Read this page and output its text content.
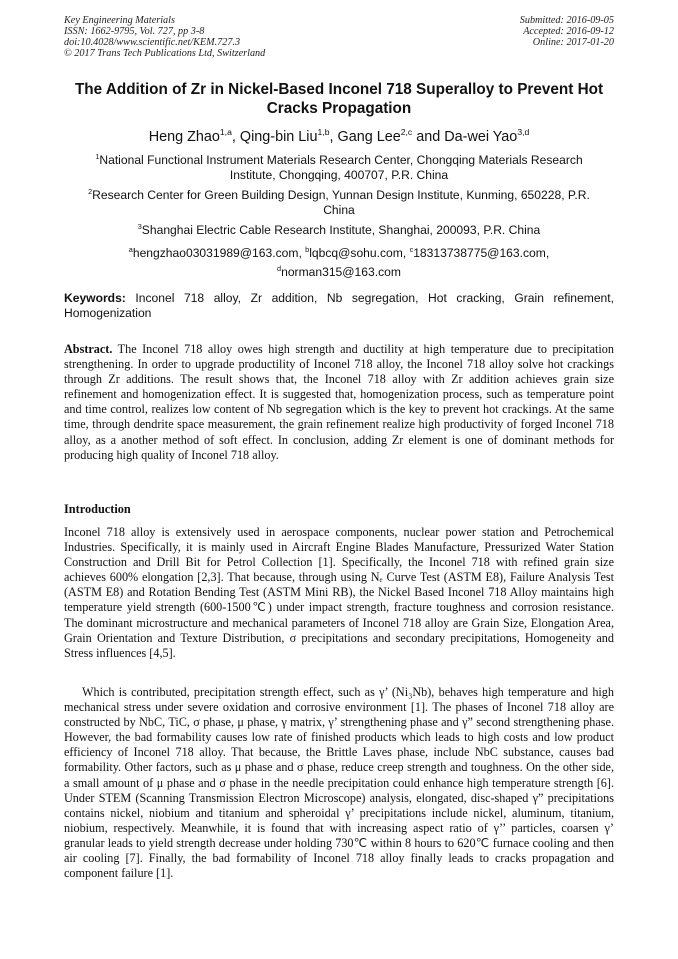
Key Engineering Materials
ISSN: 1662-9795, Vol. 727, pp 3-8
doi:10.4028/www.scientific.net/KEM.727.3
© 2017 Trans Tech Publications Ltd, Switzerland
Submitted: 2016-09-05
Accepted: 2016-09-12
Online: 2017-01-20
The Addition of Zr in Nickel-Based Inconel 718 Superalloy to Prevent Hot Cracks Propagation
Heng Zhao$^{1,a}$, Qing-bin Liu$^{1,b}$, Gang Lee$^{2,c}$ and Da-wei Yao$^{3,d}$
$^1$National Functional Instrument Materials Research Center, Chongqing Materials Research Institute, Chongqing, 400707, P.R. China
$^2$Research Center for Green Building Design, Yunnan Design Institute, Kunming, 650228, P.R. China
$^3$Shanghai Electric Cable Research Institute, Shanghai, 200093, P.R. China
$^a$hengzhao03031989@163.com, $^b$lqbcq@sohu.com, $^c$18313738775@163.com,
$^d$norman315@163.com
Keywords: Inconel 718 alloy, Zr addition, Nb segregation, Hot cracking, Grain refinement, Homogenization
Abstract. The Inconel 718 alloy owes high strength and ductility at high temperature due to precipitation strengthening. In order to upgrade productility of Inconel 718 alloy, the Inconel 718 alloy solve hot crackings through Zr additions. The result shows that, the Inconel 718 alloy with Zr addition achieves grain size refinement and homogenization effect. It is suggested that, homogenization process, such as temperature point and time control, realizes low content of Nb segregation which is the key to prevent hot crackings. At the same time, through dendrite space measurement, the grain refinement realize high productivity of forged Inconel 718 alloy, as a another method of soft effect. In conclusion, adding Zr element is one of dominant methods for producing high quality of Inconel 718 alloy.
Introduction
Inconel 718 alloy is extensively used in aerospace components, nuclear power station and Petrochemical Industries. Specifically, it is mainly used in Aircraft Engine Blades Manufacture, Pressurized Water Station Construction and Drill Bit for Petrol Collection [1]. Specifically, the Inconel 718 with refined grain size achieves 600% elongation [2,3]. That because, through using Nₑ Curve Test (ASTM E8), Failure Analysis Test (ASTM E8) and Rotation Bending Test (ASTM Mini RB), the Nickel Based Inconel 718 Alloy maintains high temperature yield strength (600-1500℃) under impact strength, fracture toughness and corrosion resistance. The dominant microstructure and mechanical parameters of Inconel 718 alloy are Grain Size, Elongation Area, Grain Orientation and Texture Distribution, σ precipitations and secondary precipitations, Homogeneity and Stress influences [4,5].
Which is contributed, precipitation strength effect, such as γ’ (Ni₃Nb), behaves high temperature and high mechanical stress under severe oxidation and corrosive environment [1]. The phases of Inconel 718 alloy are constructed by NbC, TiC, σ phase, μ phase, γ matrix, γ’ strengthening phase and γ” second strengthening phase. However, the bad formability causes low rate of finished products which leads to high costs and low product efficiency of Inconel 718 alloy. That because, the Brittle Laves phase, include NbC substance, causes bad formability. Other factors, such as μ phase and σ phase, reduce creep strength and toughness. On the other side, a small amount of μ phase and σ phase in the needle precipitation could enhance high temperature strength [6]. Under STEM (Scanning Transmission Electron Microscope) analysis, elongated, disc-shaped γ” precipitations contains nickel, niobium and titanium and spheroidal γ’ precipitations include nickel, aluminum, titanium, niobium, respectively. Meanwhile, it is found that with increasing aspect ratio of γ’’ particles, coarsen γ’ granular leads to yield strength decrease under holding 730℃ within 8 hours to 620℃ furnace cooling and then air cooling [7]. Finally, the bad formability of Inconel 718 alloy finally leads to cracks propagation and component failure [1].
